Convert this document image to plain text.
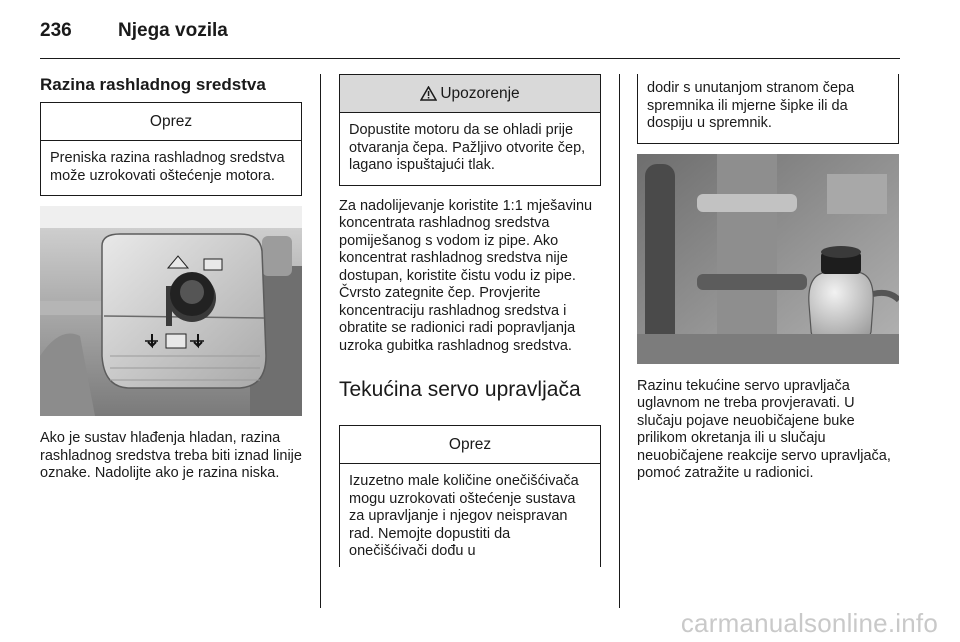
236	Njega vozila
Razina rashladnog sredstva
Oprez
Preniska razina rashladnog sredstva može uzrokovati oštećenje motora.
Ako je sustav hlađenja hladan, razina rashladnog sredstva treba biti iznad linije oznake. Nadolijte ako je razina niska.
Upozorenje
Dopustite motoru da se ohladi prije otvaranja čepa. Pažljivo otvorite čep, lagano ispuštajući tlak.
Za nadolijevanje koristite 1:1 mješavinu koncentrata rashladnog sredstva pomiješanog s vodom iz pipe. Ako koncentrat rashladnog sredstva nije dostupan, koristite čistu vodu iz pipe. Čvrsto zategnite čep. Provjerite koncentraciju rashladnog sredstva i obratite se radionici radi popravljanja uzroka gubitka rashladnog sredstva.
Tekućina servo upravljača
Oprez
Izuzetno male količine onečišćivača mogu uzrokovati oštećenje sustava za upravljanje i njegov neispravan rad. Nemojte dopustiti da onečišćivači dođu u
dodir s unutanjom stranom čepa spremnika ili mjerne šipke ili da dospiju u spremnik.
Razinu tekućine servo upravljača uglavnom ne treba provjeravati. U slučaju pojave neuobičajene buke prilikom okretanja ili u slučaju neuobičajene reakcije servo upravljača, pomoć zatražite u radionici.
carmanualsonline.info
